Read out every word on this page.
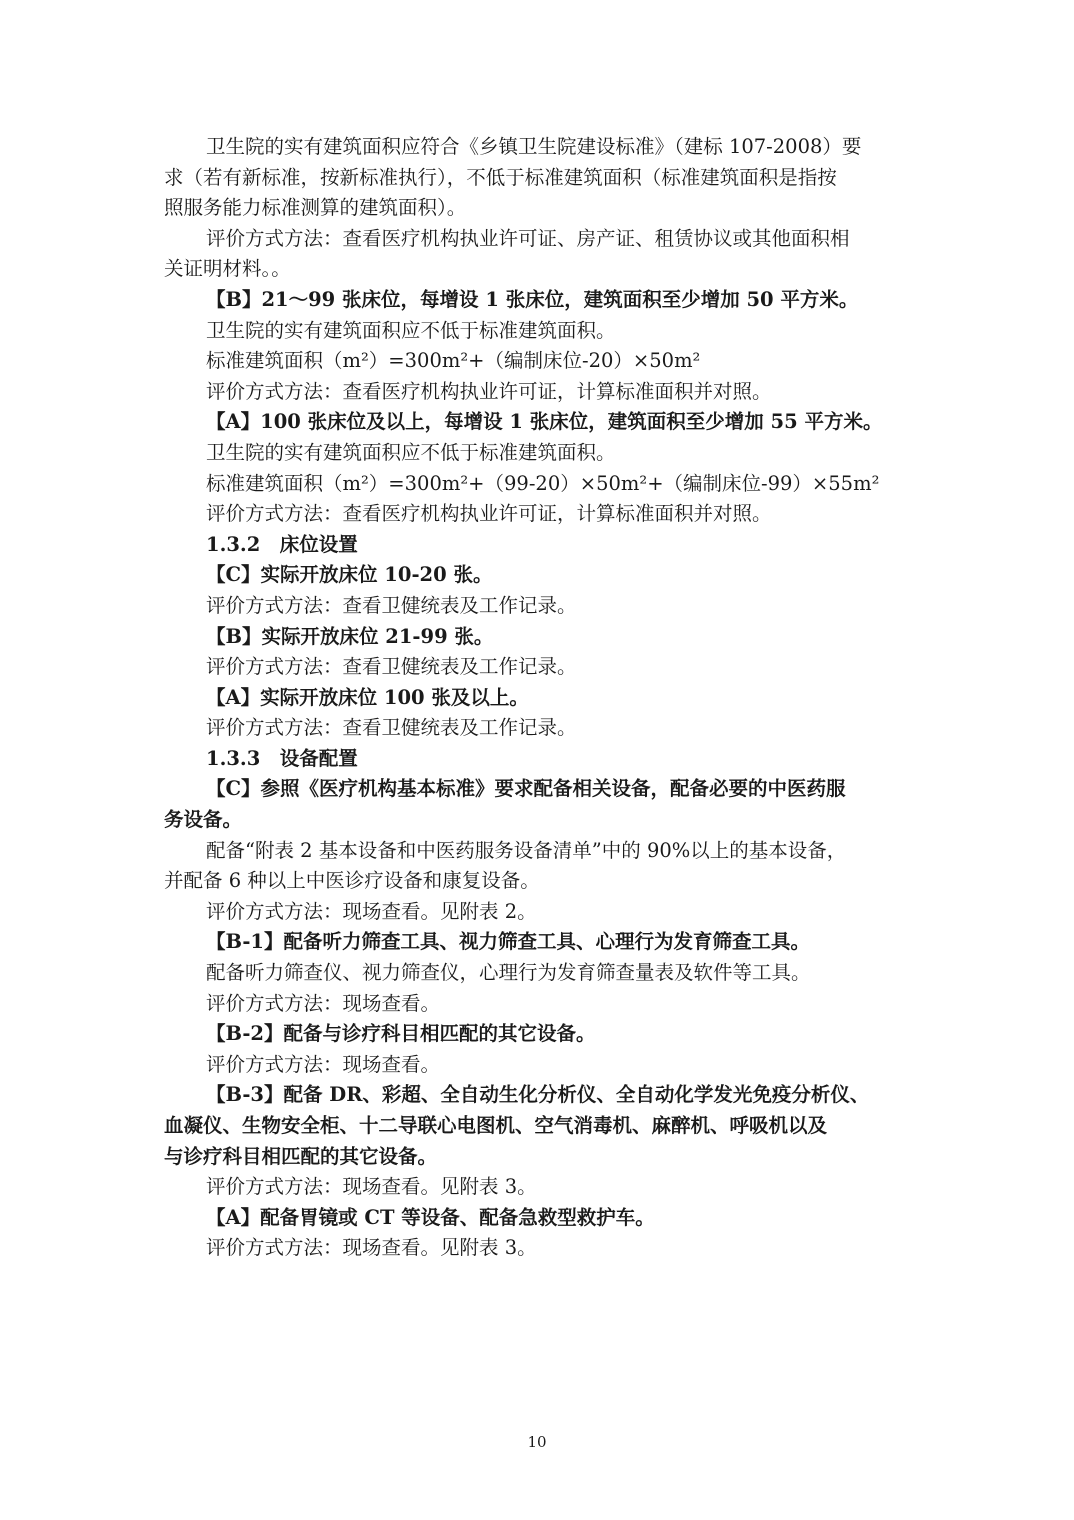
卫生院的实有建筑面积应符合《乡镇卫生院建设标准》（建标 107-2008）要
求（若有新标准，按新标准执行），不低于标准建筑面积（标准建筑面积是指按
照服务能力标准测算的建筑面积）。
评价方式方法：查看医疗机构执业许可证、房产证、租赁协议或其他面积相
关证明材料。。
【B】21～99 张床位，每增设 1 张床位，建筑面积至少增加 50 平方米。
卫生院的实有建筑面积应不低于标准建筑面积。
标准建筑面积（m²）=300m²+（编制床位-20）×50m²
评价方式方法：查看医疗机构执业许可证，计算标准面积并对照。
【A】100 张床位及以上，每增设 1 张床位，建筑面积至少增加 55 平方米。
卫生院的实有建筑面积应不低于标准建筑面积。
标准建筑面积（m²）=300m²+（99-20）×50m²+（编制床位-99）×55m²
评价方式方法：查看医疗机构执业许可证，计算标准面积并对照。
1.3.2　床位设置
【C】实际开放床位 10-20 张。
评价方式方法：查看卫健统表及工作记录。
【B】实际开放床位 21-99 张。
评价方式方法：查看卫健统表及工作记录。
【A】实际开放床位 100 张及以上。
评价方式方法：查看卫健统表及工作记录。
1.3.3　设备配置
【C】参照《医疗机构基本标准》要求配备相关设备，配备必要的中医药服
务设备。
配备“附表 2 基本设备和中医药服务设备清单”中的 90%以上的基本设备，
并配备 6 种以上中医诊疗设备和康复设备。
评价方式方法：现场查看。见附表 2。
【B-1】配备听力筛查工具、视力筛查工具、心理行为发育筛查工具。
配备听力筛查仪、视力筛查仪，心理行为发育筛查量表及软件等工具。
评价方式方法：现场查看。
【B-2】配备与诊疗科目相匹配的其它设备。
评价方式方法：现场查看。
【B-3】配备 DR、彩超、全自动生化分析仪、全自动化学发光免疫分析仪、
血凝仪、生物安全柜、十二导联心电图机、空气消毒机、麻醉机、呼吸机以及
与诊疗科目相匹配的其它设备。
评价方式方法：现场查看。见附表 3。
【A】配备胃镜或 CT 等设备、配备急救型救护车。
评价方式方法：现场查看。见附表 3。
10
